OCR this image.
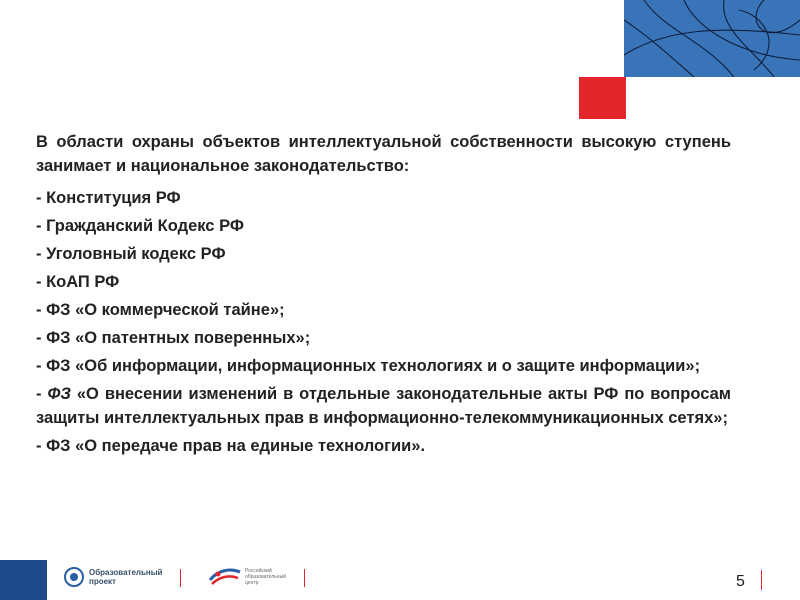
В области охраны объектов интеллектуальной собственности высокую ступень занимает и национальное законодательство:

- Конституция РФ

- Гражданский Кодекс РФ

- Уголовный кодекс РФ

- КоАП РФ

- ФЗ «О коммерческой тайне»;

- ФЗ «О патентных поверенных»;

- ФЗ «Об информации, информационных технологиях и о защите информации»;

- ФЗ «О внесении изменений в отдельные законодательные акты РФ по вопросам защиты интеллектуальных прав в информационно-телекоммуникационных сетях»;

- ФЗ «О передаче прав на единые технологии».

Образовательный проект
Российский образовательный центр	5
